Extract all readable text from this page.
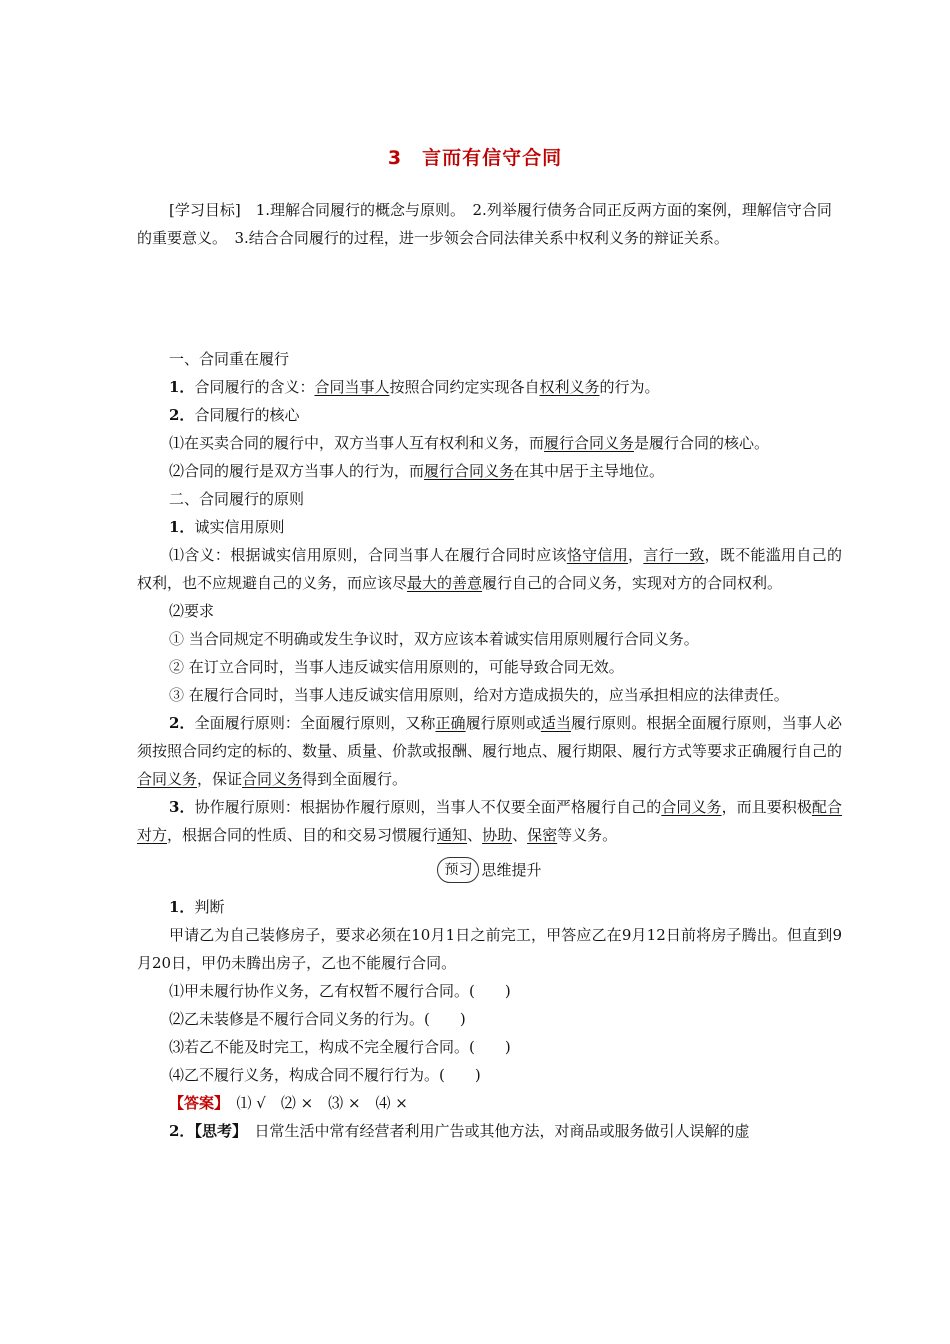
3　言而有信守合同
[学习目标]　1.理解合同履行的概念与原则。　2.列举履行债务合同正反两方面的案例，理解信守合同的重要意义。　3.结合合同履行的过程，进一步领会合同法律关系中权利义务的辩证关系。

一、合同重在履行

1．合同履行的含义：合同当事人按照合同约定实现各自权利义务的行为。

2．合同履行的核心

⑴在买卖合同的履行中，双方当事人互有权利和义务，而履行合同义务是履行合同的核心。

⑵合同的履行是双方当事人的行为，而履行合同义务在其中居于主导地位。

二、合同履行的原则

1．诚实信用原则

⑴含义：根据诚实信用原则，合同当事人在履行合同时应该恪守信用，言行一致，既不能滥用自己的权利，也不应规避自己的义务，而应该尽最大的善意履行自己的合同义务，实现对方的合同权利。

⑵要求

① 当合同规定不明确或发生争议时，双方应该本着诚实信用原则履行合同义务。

② 在订立合同时，当事人违反诚实信用原则的，可能导致合同无效。

③ 在履行合同时，当事人违反诚实信用原则，给对方造成损失的，应当承担相应的法律责任。

2．全面履行原则：全面履行原则，又称正确履行原则或适当履行原则。根据全面履行原则，当事人必须按照合同约定的标的、数量、质量、价款或报酬、履行地点、履行期限、履行方式等要求正确履行自己的合同义务，保证合同义务得到全面履行。

3．协作履行原则：根据协作履行原则，当事人不仅要全面严格履行自己的合同义务，而且要积极配合对方，根据合同的性质、目的和交易习惯履行通知、协助、保密等义务。

预习 思维提升

1．判断

甲请乙为自己装修房子，要求必须在10月1日之前完工，甲答应乙在9月12日前将房子腾出。但直到9月20日，甲仍未腾出房子，乙也不能履行合同。

⑴甲未履行协作义务，乙有权暂不履行合同。(　　)

⑵乙未装修是不履行合同义务的行为。(　　)

⑶若乙不能及时完工，构成不完全履行合同。(　　)

⑷乙不履行义务，构成合同不履行行为。(　　)

【答案】　⑴ √　⑵ ×　⑶ ×　⑷ ×

2．【思考】　日常生活中常有经营者利用广告或其他方法，对商品或服务做引人误解的虚
